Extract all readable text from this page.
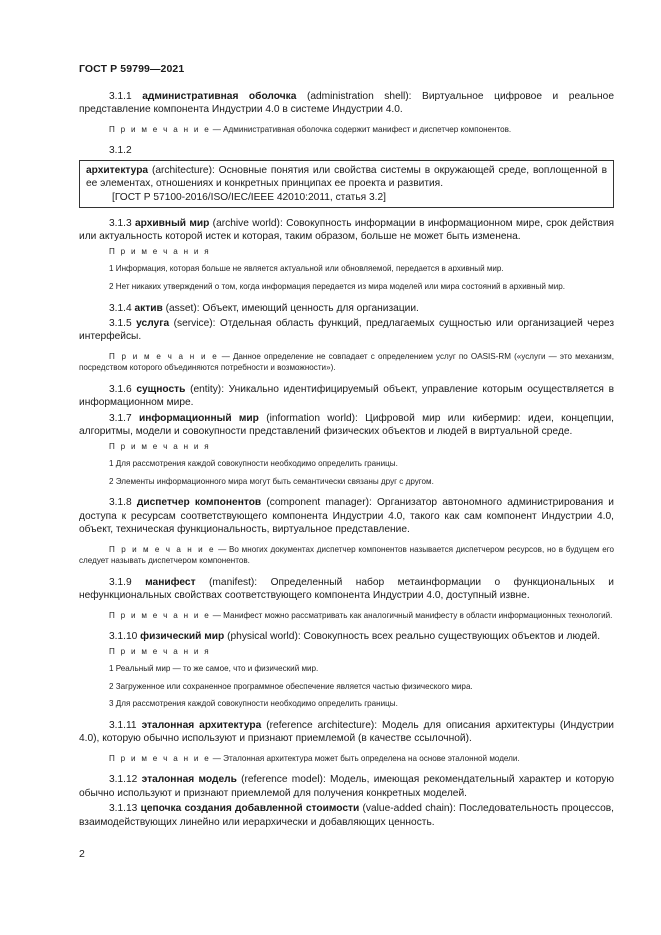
ГОСТ Р 59799—2021

3.1.1 административная оболочка (administration shell): Виртуальное цифровое и реальное представление компонента Индустрии 4.0 в системе Индустрии 4.0.

П р и м е ч а н и е — Административная оболочка содержит манифест и диспетчер компонентов.

3.1.2

архитектура (architecture): Основные понятия или свойства системы в окружающей среде, воплощенной в ее элементах, отношениях и конкретных принципах ее проекта и развития.

[ГОСТ Р 57100-2016/ISO/IEC/IEEE 42010:2011, статья 3.2]

3.1.3 архивный мир (archive world): Совокупность информации в информационном мире, срок действия или актуальность которой истек и которая, таким образом, больше не может быть изменена.

П р и м е ч а н и я

1 Информация, которая больше не является актуальной или обновляемой, передается в архивный мир.

2 Нет никаких утверждений о том, когда информация передается из мира моделей или мира состояний в архивный мир.

3.1.4 актив (asset): Объект, имеющий ценность для организации.

3.1.5 услуга (service): Отдельная область функций, предлагаемых сущностью или организацией через интерфейсы.

П р и м е ч а н и е — Данное определение не совпадает с определением услуг по OASIS-RM («услуги — это механизм, посредством которого объединяются потребности и возможности»).

3.1.6 сущность (entity): Уникально идентифицируемый объект, управление которым осуществляется в информационном мире.

3.1.7 информационный мир (information world): Цифровой мир или кибермир: идеи, концепции, алгоритмы, модели и совокупности представлений физических объектов и людей в виртуальной среде.

П р и м е ч а н и я

1 Для рассмотрения каждой совокупности необходимо определить границы.

2 Элементы информационного мира могут быть семантически связаны друг с другом.

3.1.8 диспетчер компонентов (component manager): Организатор автономного администрирования и доступа к ресурсам соответствующего компонента Индустрии 4.0, такого как сам компонент Индустрии 4.0, объект, техническая функциональность, виртуальное представление.

П р и м е ч а н и е — Во многих документах диспетчер компонентов называется диспетчером ресурсов, но в будущем его следует называть диспетчером компонентов.

3.1.9 манифест (manifest): Определенный набор метаинформации о функциональных и нефункциональных свойствах соответствующего компонента Индустрии 4.0, доступный извне.

П р и м е ч а н и е — Манифест можно рассматривать как аналогичный манифесту в области информационных технологий.

3.1.10 физический мир (physical world): Совокупность всех реально существующих объектов и людей.

П р и м е ч а н и я

1 Реальный мир — то же самое, что и физический мир.

2 Загруженное или сохраненное программное обеспечение является частью физического мира.

3 Для рассмотрения каждой совокупности необходимо определить границы.

3.1.11 эталонная архитектура (reference architecture): Модель для описания архитектуры (Индустрии 4.0), которую обычно используют и признают приемлемой (в качестве ссылочной).

П р и м е ч а н и е — Эталонная архитектура может быть определена на основе эталонной модели.

3.1.12 эталонная модель (reference model): Модель, имеющая рекомендательный характер и которую обычно используют и признают приемлемой для получения конкретных моделей.

3.1.13 цепочка создания добавленной стоимости (value-added chain): Последовательность процессов, взаимодействующих линейно или иерархически и добавляющих ценность.

2
